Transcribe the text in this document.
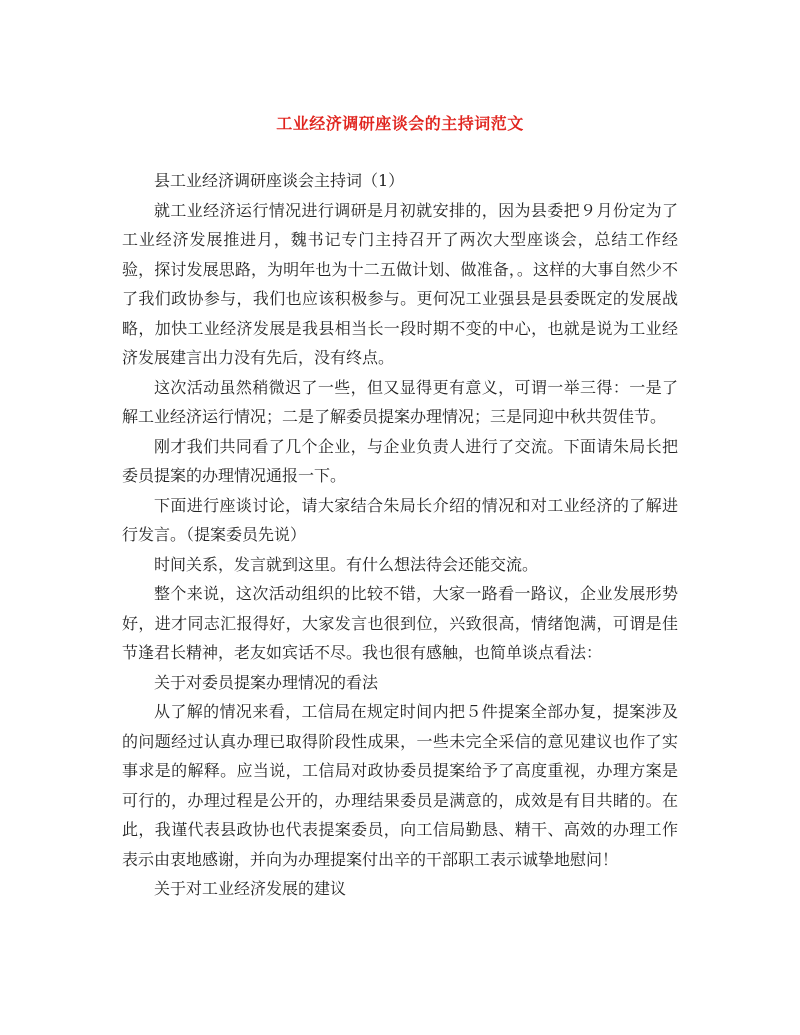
工业经济调研座谈会的主持词范文

县工业经济调研座谈会主持词（1）

就工业经济运行情况进行调研是月初就安排的，因为县委把９月份定为了工业经济发展推进月，魏书记专门主持召开了两次大型座谈会，总结工作经验，探讨发展思路，为明年也为十二五做计划、做准备，。这样的大事自然少不了我们政协参与，我们也应该积极参与。更何况工业强县是县委既定的发展战略，加快工业经济发展是我县相当长一段时期不变的中心，也就是说为工业经济发展建言出力没有先后，没有终点。

这次活动虽然稍微迟了一些，但又显得更有意义，可谓一举三得：一是了解工业经济运行情况；二是了解委员提案办理情况；三是同迎中秋共贺佳节。

刚才我们共同看了几个企业，与企业负责人进行了交流。下面请朱局长把委员提案的办理情况通报一下。

下面进行座谈讨论，请大家结合朱局长介绍的情况和对工业经济的了解进行发言。（提案委员先说）

时间关系，发言就到这里。有什么想法待会还能交流。

整个来说，这次活动组织的比较不错，大家一路看一路议，企业发展形势好，进才同志汇报得好，大家发言也很到位，兴致很高，情绪饱满，可谓是佳节逢君长精神，老友如宾话不尽。我也很有感触，也简单谈点看法：

关于对委员提案办理情况的看法

从了解的情况来看，工信局在规定时间内把５件提案全部办复，提案涉及的问题经过认真办理已取得阶段性成果，一些未完全采信的意见建议也作了实事求是的解释。应当说，工信局对政协委员提案给予了高度重视，办理方案是可行的，办理过程是公开的，办理结果委员是满意的，成效是有目共睹的。在此，我谨代表县政协也代表提案委员，向工信局勤恳、精干、高效的办理工作表示由衷地感谢，并向为办理提案付出辛的干部职工表示诚挚地慰问！

关于对工业经济发展的建议
